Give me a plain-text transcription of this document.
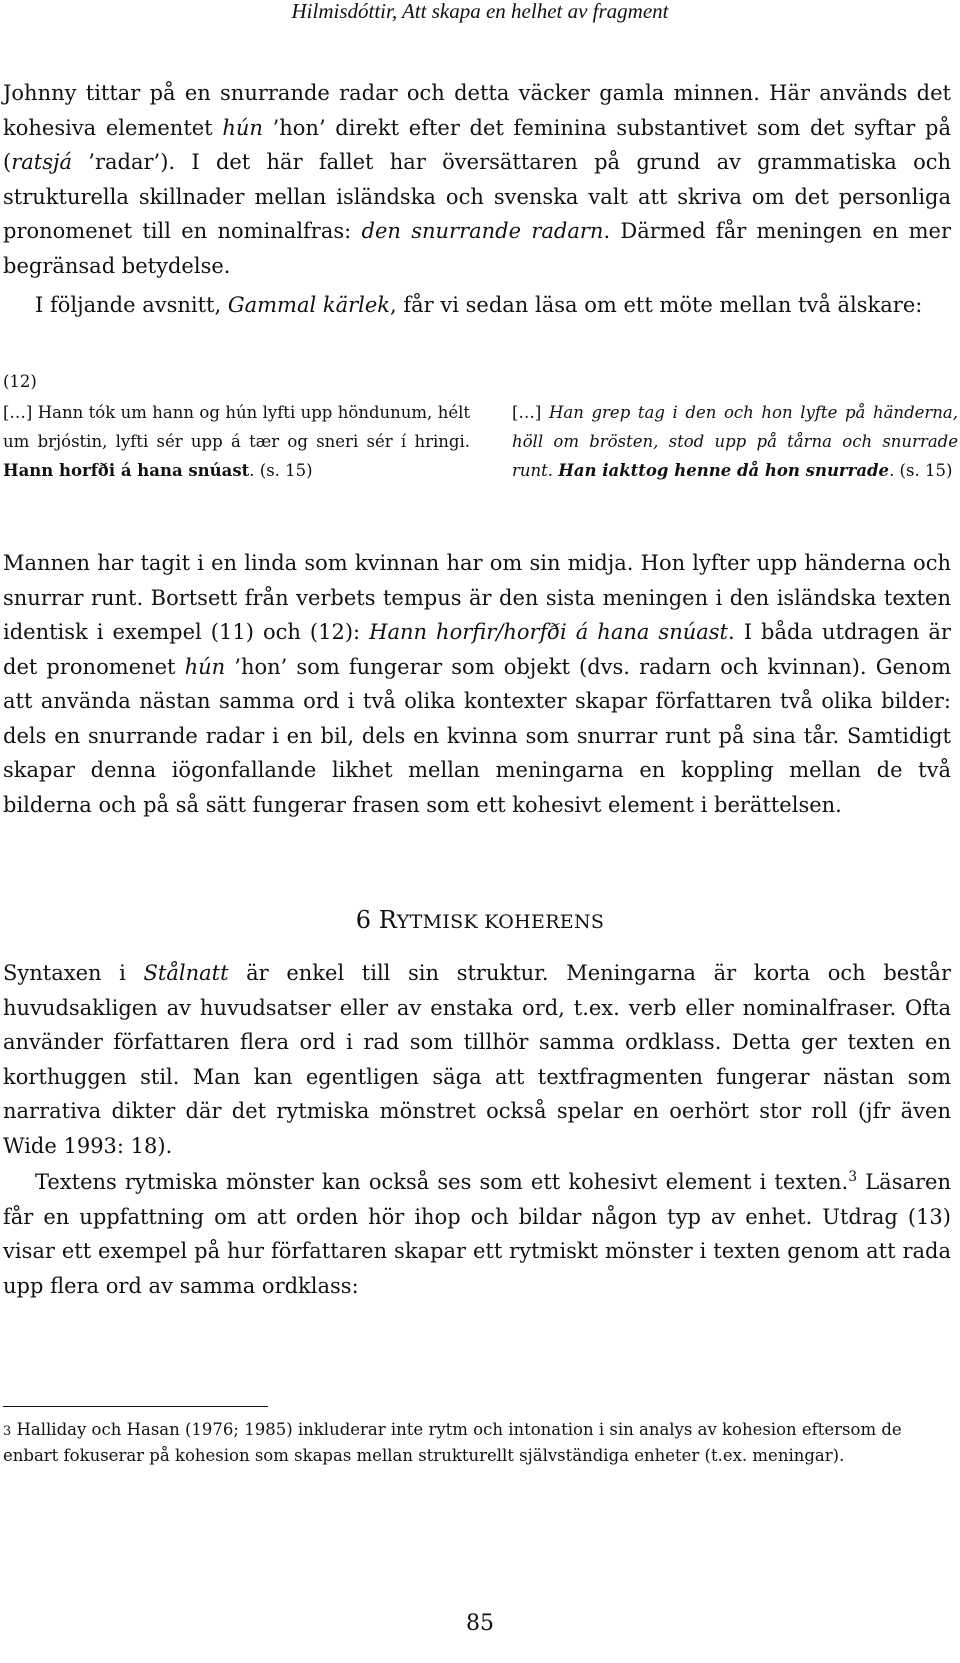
Hilmisdóttir, Att skapa en helhet av fragment

Johnny tittar på en snurrande radar och detta väcker gamla minnen. Här används det kohesiva elementet hún ’hon’ direkt efter det feminina substantivet som det syftar på (ratsjá ’radar’). I det här fallet har översättaren på grund av grammatiska och strukturella skillnader mellan isländska och svenska valt att skriva om det personliga pronomenet till en nominalfras: den snurrande radarn. Därmed får meningen en mer begränsad betydelse.

I följande avsnitt, Gammal kärlek, får vi sedan läsa om ett möte mellan två älskare:

(12)

[…] Hann tók um hann og hún lyfti upp höndunum, hélt um brjóstin, lyfti sér upp á tær og sneri sér í hringi. Hann horfði á hana snúast. (s. 15)

[…] Han grep tag i den och hon lyfte på händerna, höll om brösten, stod upp på tårna och snurrade runt. Han iakttog henne då hon snurrade. (s. 15)

Mannen har tagit i en linda som kvinnan har om sin midja. Hon lyfter upp händerna och snurrar runt. Bortsett från verbets tempus är den sista meningen i den isländska texten identisk i exempel (11) och (12): Hann horfir/horfði á hana snúast. I båda utdragen är det pronomenet hún ’hon’ som fungerar som objekt (dvs. radarn och kvinnan). Genom att använda nästan samma ord i två olika kontexter skapar författaren två olika bilder: dels en snurrande radar i en bil, dels en kvinna som snurrar runt på sina tår. Samtidigt skapar denna iögonfallande likhet mellan meningarna en koppling mellan de två bilderna och på så sätt fungerar frasen som ett kohesivt element i berättelsen.

6 RYTMISK KOHERENS

Syntaxen i Stålnatt är enkel till sin struktur. Meningarna är korta och består huvudsakligen av huvudsatser eller av enstaka ord, t.ex. verb eller nominalfraser. Ofta använder författaren flera ord i rad som tillhör samma ordklass. Detta ger texten en korthuggen stil. Man kan egentligen säga att textfragmenten fungerar nästan som narrativa dikter där det rytmiska mönstret också spelar en oerhört stor roll (jfr även Wide 1993: 18).

Textens rytmiska mönster kan också ses som ett kohesivt element i texten.$^3$ Läsaren får en uppfattning om att orden hör ihop och bildar någon typ av enhet. Utdrag (13) visar ett exempel på hur författaren skapar ett rytmiskt mönster i texten genom att rada upp flera ord av samma ordklass:

3 Halliday och Hasan (1976; 1985) inkluderar inte rytm och intonation i sin analys av kohesion eftersom de enbart fokuserar på kohesion som skapas mellan strukturellt självständiga enheter (t.ex. meningar).

85
